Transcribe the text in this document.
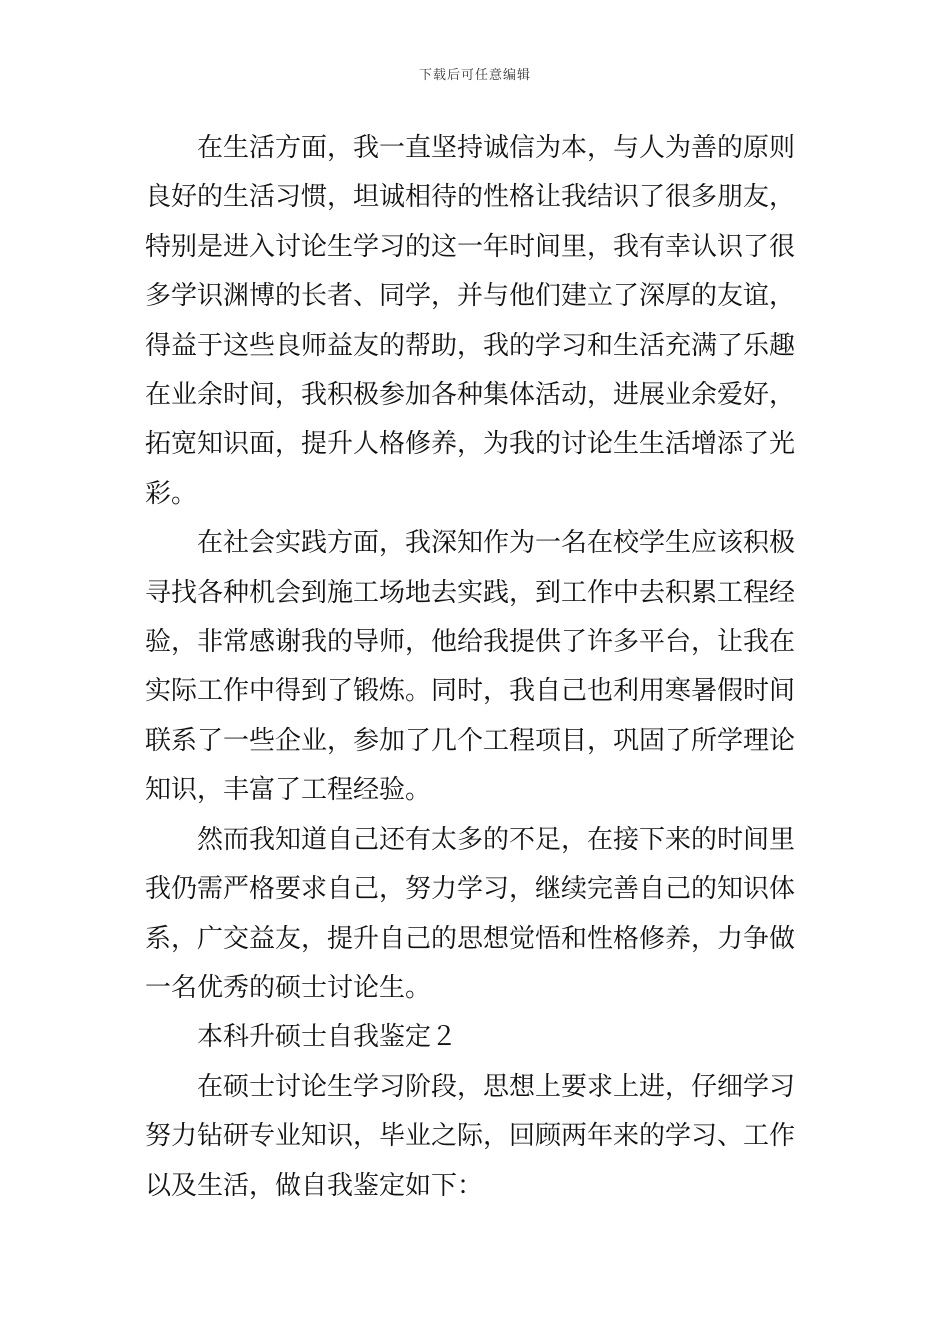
下载后可任意编辑
在生活方面，我一直坚持诚信为本，与人为善的原则
良好的生活习惯，坦诚相待的性格让我结识了很多朋友，
特别是进入讨论生学习的这一年时间里，我有幸认识了很
多学识渊博的长者、同学，并与他们建立了深厚的友谊，
得益于这些良师益友的帮助，我的学习和生活充满了乐趣
在业余时间，我积极参加各种集体活动，进展业余爱好，
拓宽知识面，提升人格修养，为我的讨论生生活增添了光
彩。
在社会实践方面，我深知作为一名在校学生应该积极
寻找各种机会到施工场地去实践，到工作中去积累工程经
验，非常感谢我的导师，他给我提供了许多平台，让我在
实际工作中得到了锻炼。同时，我自己也利用寒暑假时间
联系了一些企业，参加了几个工程项目，巩固了所学理论
知识，丰富了工程经验。
然而我知道自己还有太多的不足，在接下来的时间里
我仍需严格要求自己，努力学习，继续完善自己的知识体
系，广交益友，提升自己的思想觉悟和性格修养，力争做
一名优秀的硕士讨论生。
本科升硕士自我鉴定２
在硕士讨论生学习阶段，思想上要求上进，仔细学习
努力钻研专业知识，毕业之际，回顾两年来的学习、工作
以及生活，做自我鉴定如下：
